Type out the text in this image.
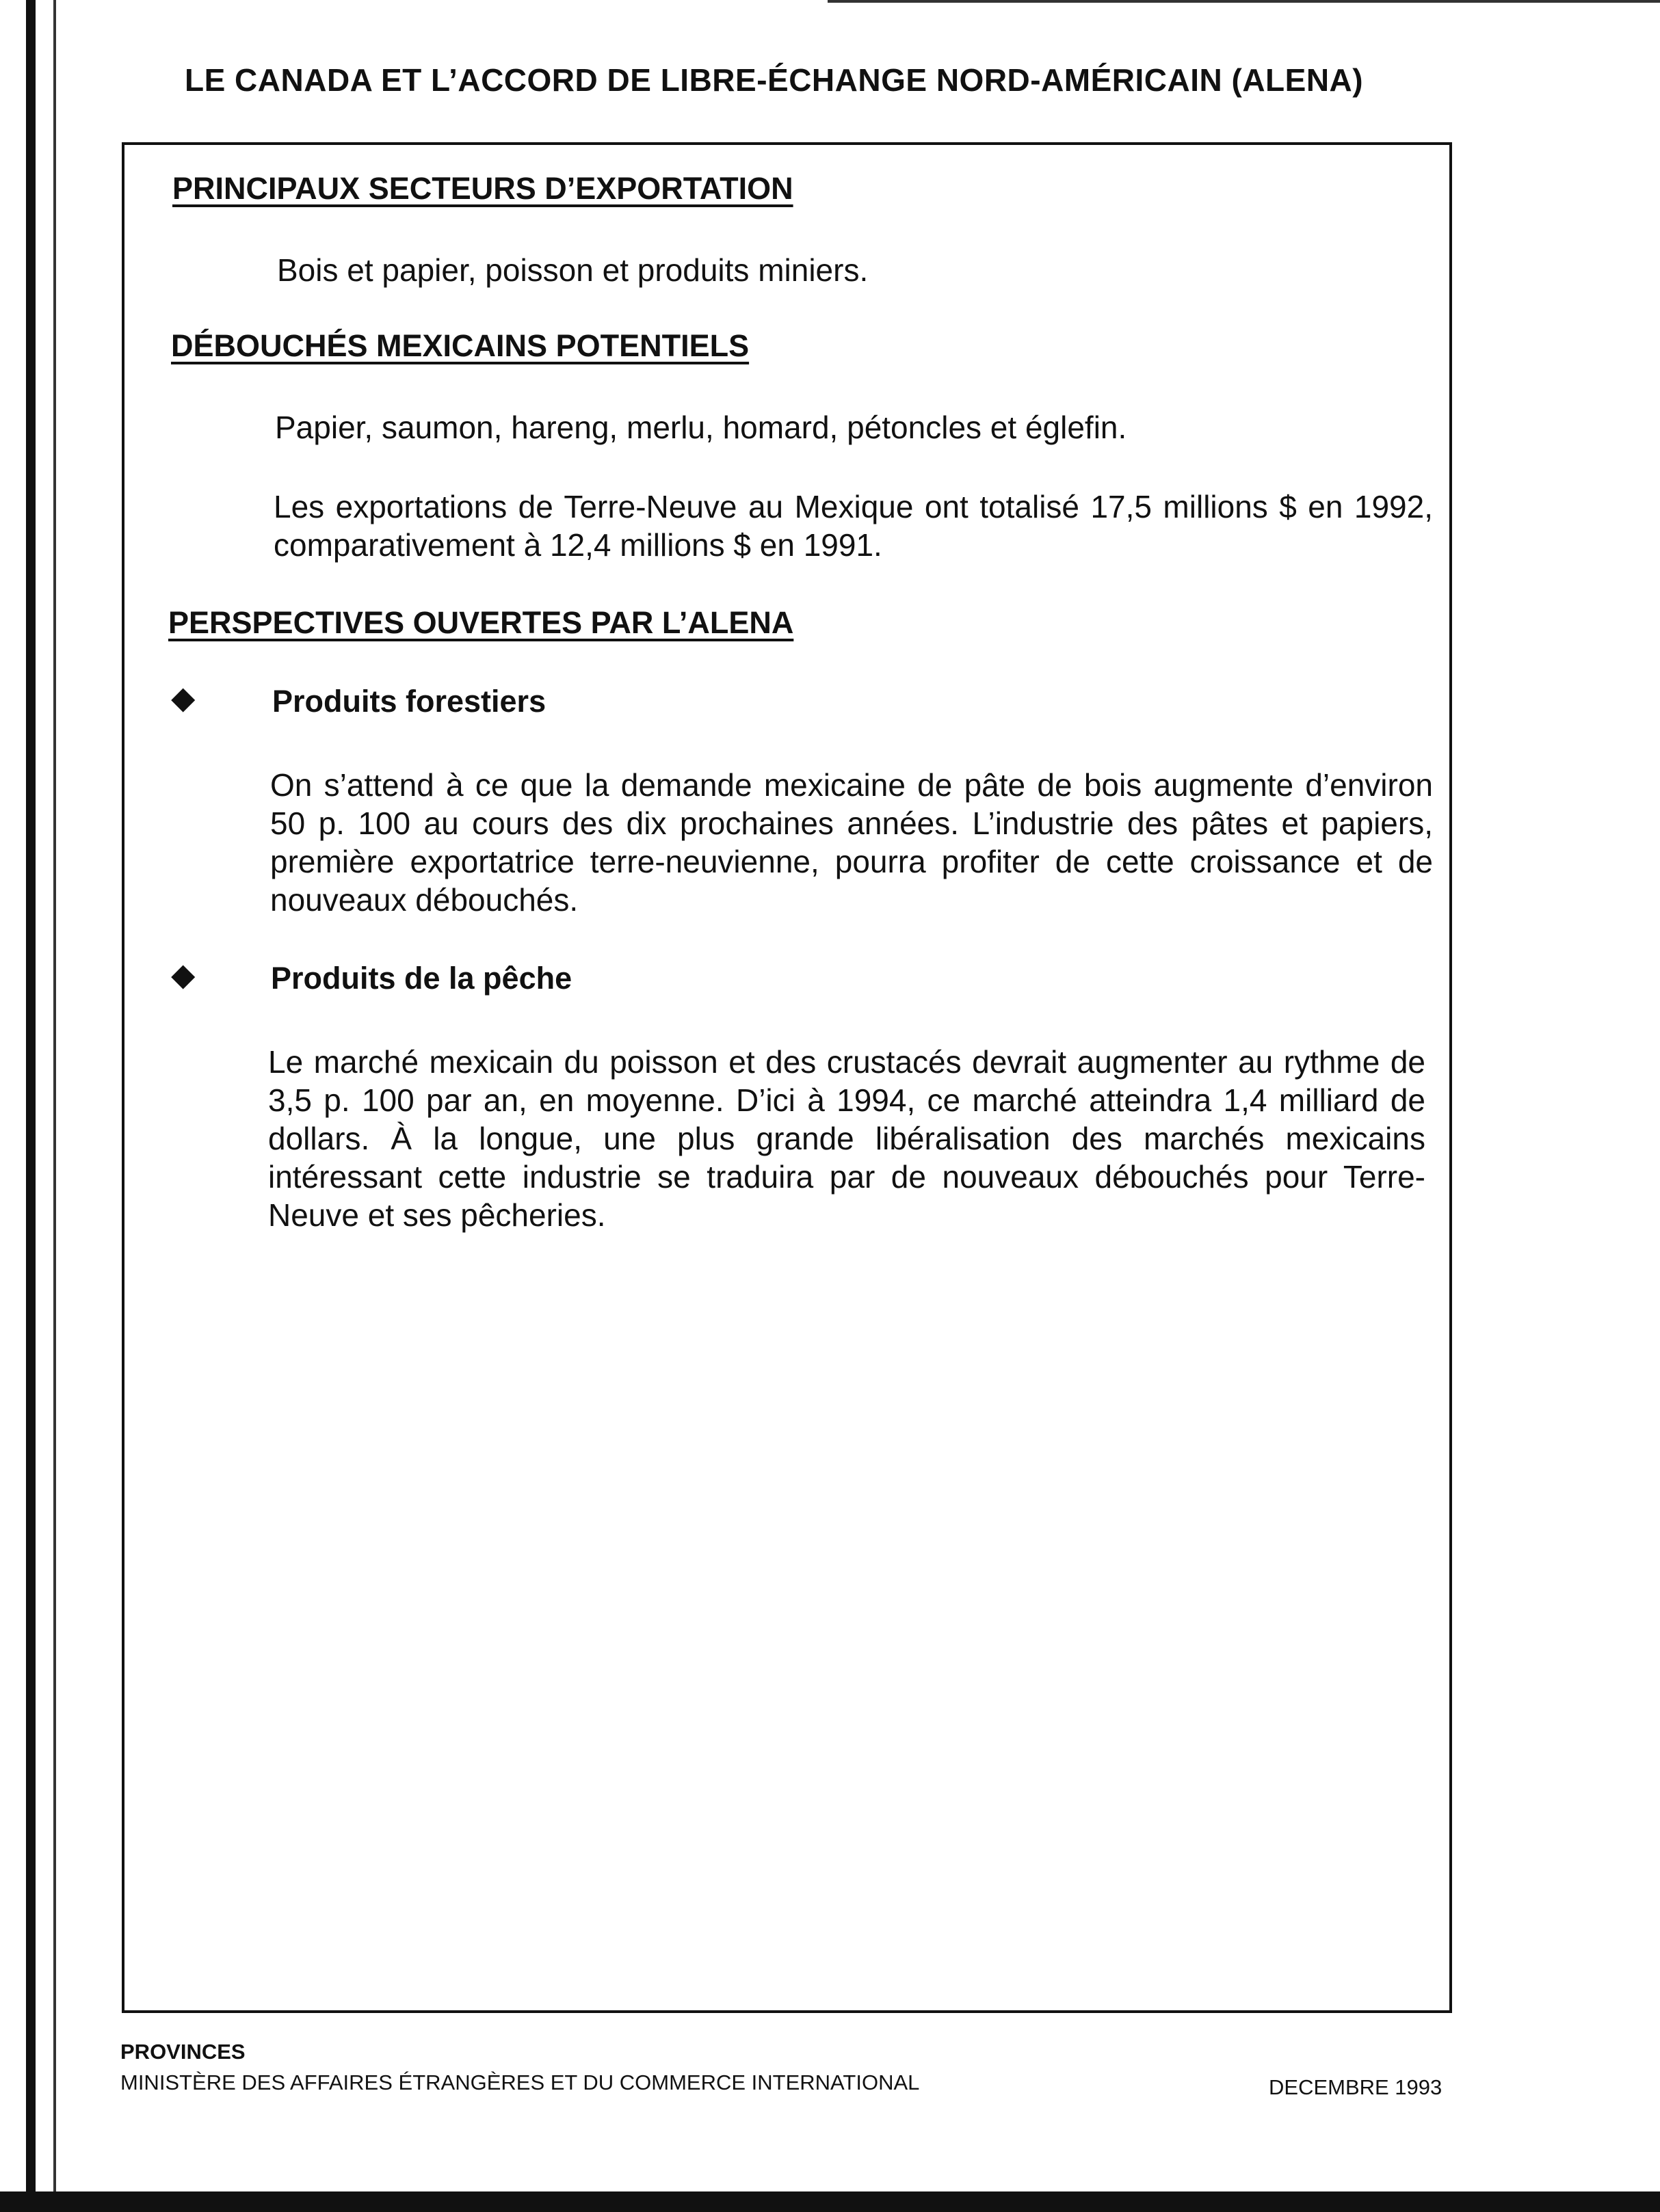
LE CANADA ET L’ACCORD DE LIBRE-ÉCHANGE NORD-AMÉRICAIN (ALENA)
PRINCIPAUX SECTEURS D’EXPORTATION
Bois et papier, poisson et produits miniers.
DÉBOUCHÉS MEXICAINS POTENTIELS
Papier, saumon, hareng, merlu, homard, pétoncles et églefin.
Les exportations de Terre-Neuve au Mexique ont totalisé 17,5 millions $ en 1992, comparativement à 12,4 millions $ en 1991.
PERSPECTIVES OUVERTES PAR L’ALENA
◆	Produits forestiers
On s’attend à ce que la demande mexicaine de pâte de bois augmente d’environ 50 p. 100 au cours des dix prochaines années. L’industrie des pâtes et papiers, première exportatrice terre-neuvienne, pourra profiter de cette croissance et de nouveaux débouchés.
◆ Produits de la pêche
Le marché mexicain du poisson et des crustacés devrait augmenter au rythme de 3,5 p. 100 par an, en moyenne. D’ici à 1994, ce marché atteindra 1,4 milliard de dollars. À la longue, une plus grande libéralisation des marchés mexicains intéressant cette industrie se traduira par de nouveaux débouchés pour Terre-Neuve et ses pêcheries.
PROVINCES
MINISTÈRE DES AFFAIRES ÉTRANGÈRES ET DU COMMERCE INTERNATIONAL	DECEMBRE 1993
